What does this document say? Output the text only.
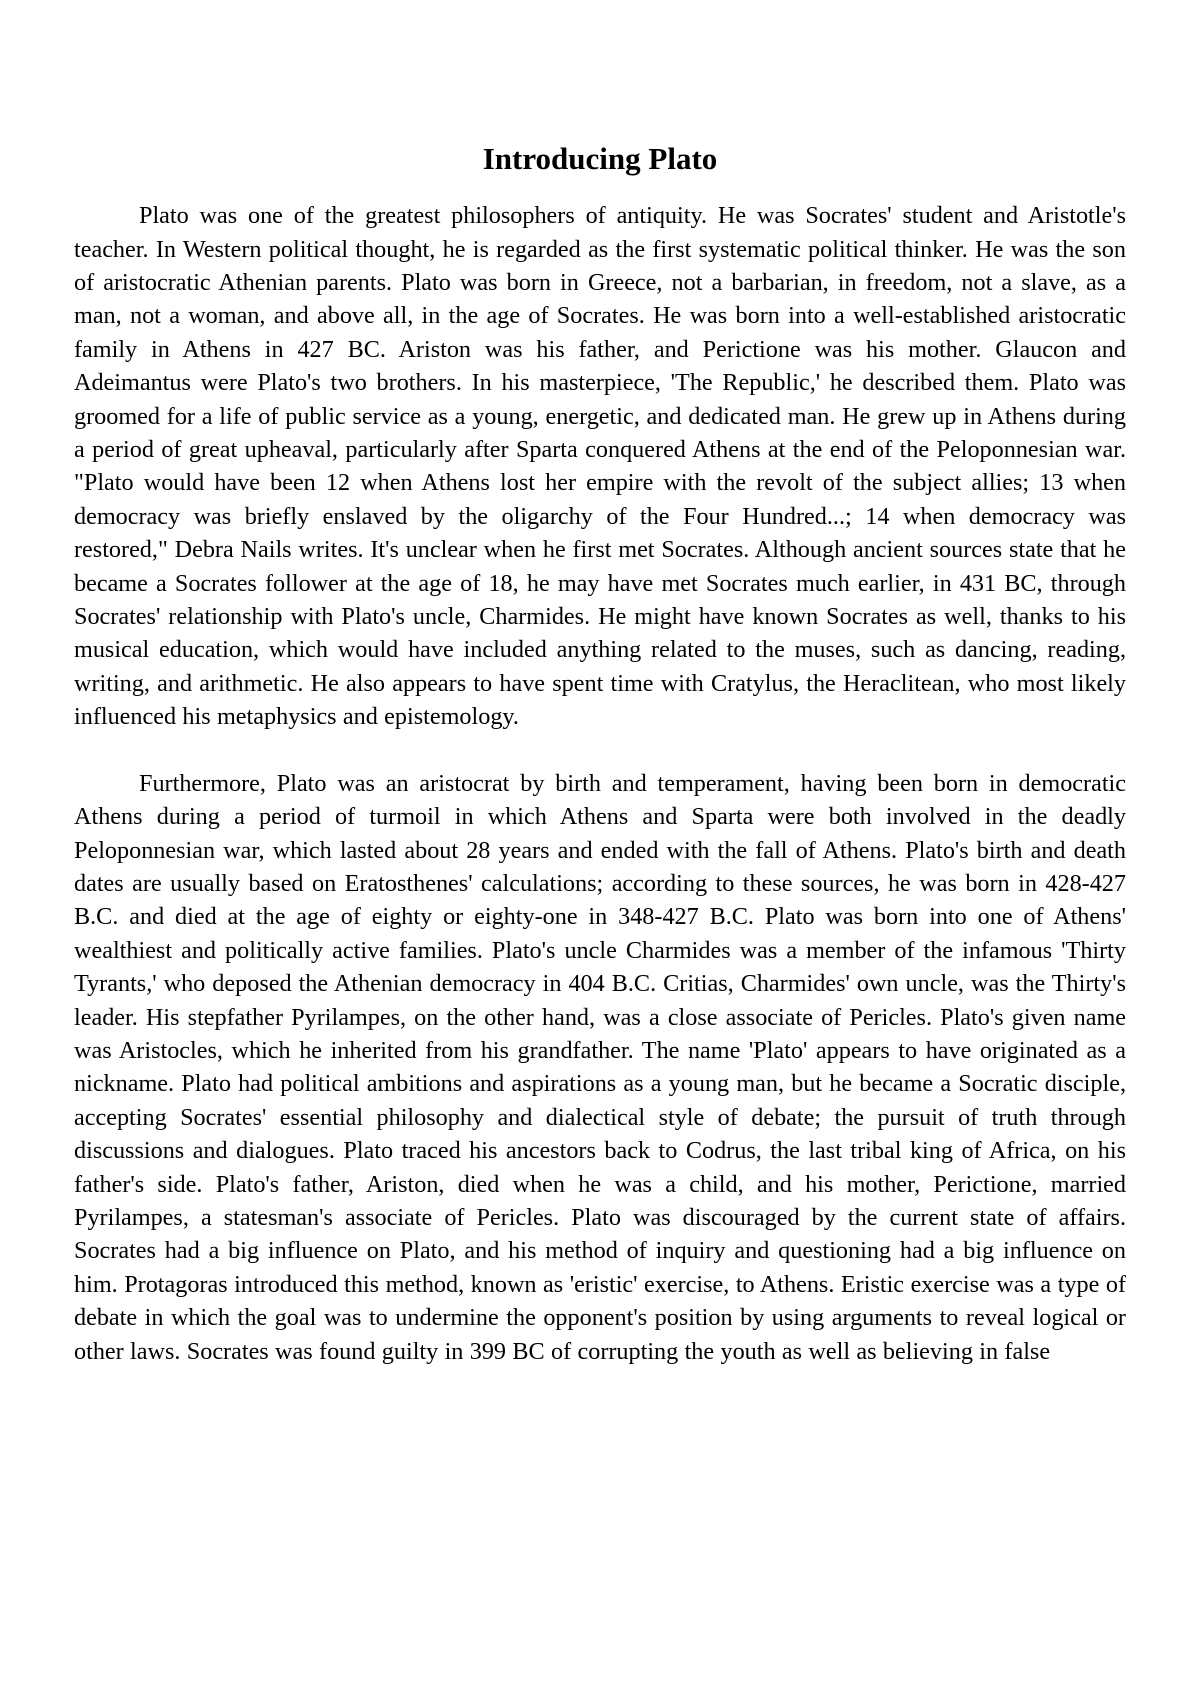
Introducing Plato

Plato was one of the greatest philosophers of antiquity. He was Socrates' student and Aristotle's teacher. In Western political thought, he is regarded as the first systematic political thinker. He was the son of aristocratic Athenian parents. Plato was born in Greece, not a barbarian, in freedom, not a slave, as a man, not a woman, and above all, in the age of Socrates. He was born into a well-established aristocratic family in Athens in 427 BC. Ariston was his father, and Perictione was his mother. Glaucon and Adeimantus were Plato's two brothers. In his masterpiece, 'The Republic,' he described them. Plato was groomed for a life of public service as a young, energetic, and dedicated man. He grew up in Athens during a period of great upheaval, particularly after Sparta conquered Athens at the end of the Peloponnesian war. "Plato would have been 12 when Athens lost her empire with the revolt of the subject allies; 13 when democracy was briefly enslaved by the oligarchy of the Four Hundred...; 14 when democracy was restored," Debra Nails writes. It's unclear when he first met Socrates. Although ancient sources state that he became a Socrates follower at the age of 18, he may have met Socrates much earlier, in 431 BC, through Socrates' relationship with Plato's uncle, Charmides. He might have known Socrates as well, thanks to his musical education, which would have included anything related to the muses, such as dancing, reading, writing, and arithmetic. He also appears to have spent time with Cratylus, the Heraclitean, who most likely influenced his metaphysics and epistemology.

Furthermore, Plato was an aristocrat by birth and temperament, having been born in democratic Athens during a period of turmoil in which Athens and Sparta were both involved in the deadly Peloponnesian war, which lasted about 28 years and ended with the fall of Athens. Plato's birth and death dates are usually based on Eratosthenes' calculations; according to these sources, he was born in 428-427 B.C. and died at the age of eighty or eighty-one in 348-427 B.C. Plato was born into one of Athens' wealthiest and politically active families. Plato's uncle Charmides was a member of the infamous 'Thirty Tyrants,' who deposed the Athenian democracy in 404 B.C. Critias, Charmides' own uncle, was the Thirty's leader. His stepfather Pyrilampes, on the other hand, was a close associate of Pericles. Plato's given name was Aristocles, which he inherited from his grandfather. The name 'Plato' appears to have originated as a nickname. Plato had political ambitions and aspirations as a young man, but he became a Socratic disciple, accepting Socrates' essential philosophy and dialectical style of debate; the pursuit of truth through discussions and dialogues. Plato traced his ancestors back to Codrus, the last tribal king of Africa, on his father's side. Plato's father, Ariston, died when he was a child, and his mother, Perictione, married Pyrilampes, a statesman's associate of Pericles. Plato was discouraged by the current state of affairs. Socrates had a big influence on Plato, and his method of inquiry and questioning had a big influence on him. Protagoras introduced this method, known as 'eristic' exercise, to Athens. Eristic exercise was a type of debate in which the goal was to undermine the opponent's position by using arguments to reveal logical or other laws. Socrates was found guilty in 399 BC of corrupting the youth as well as believing in false
